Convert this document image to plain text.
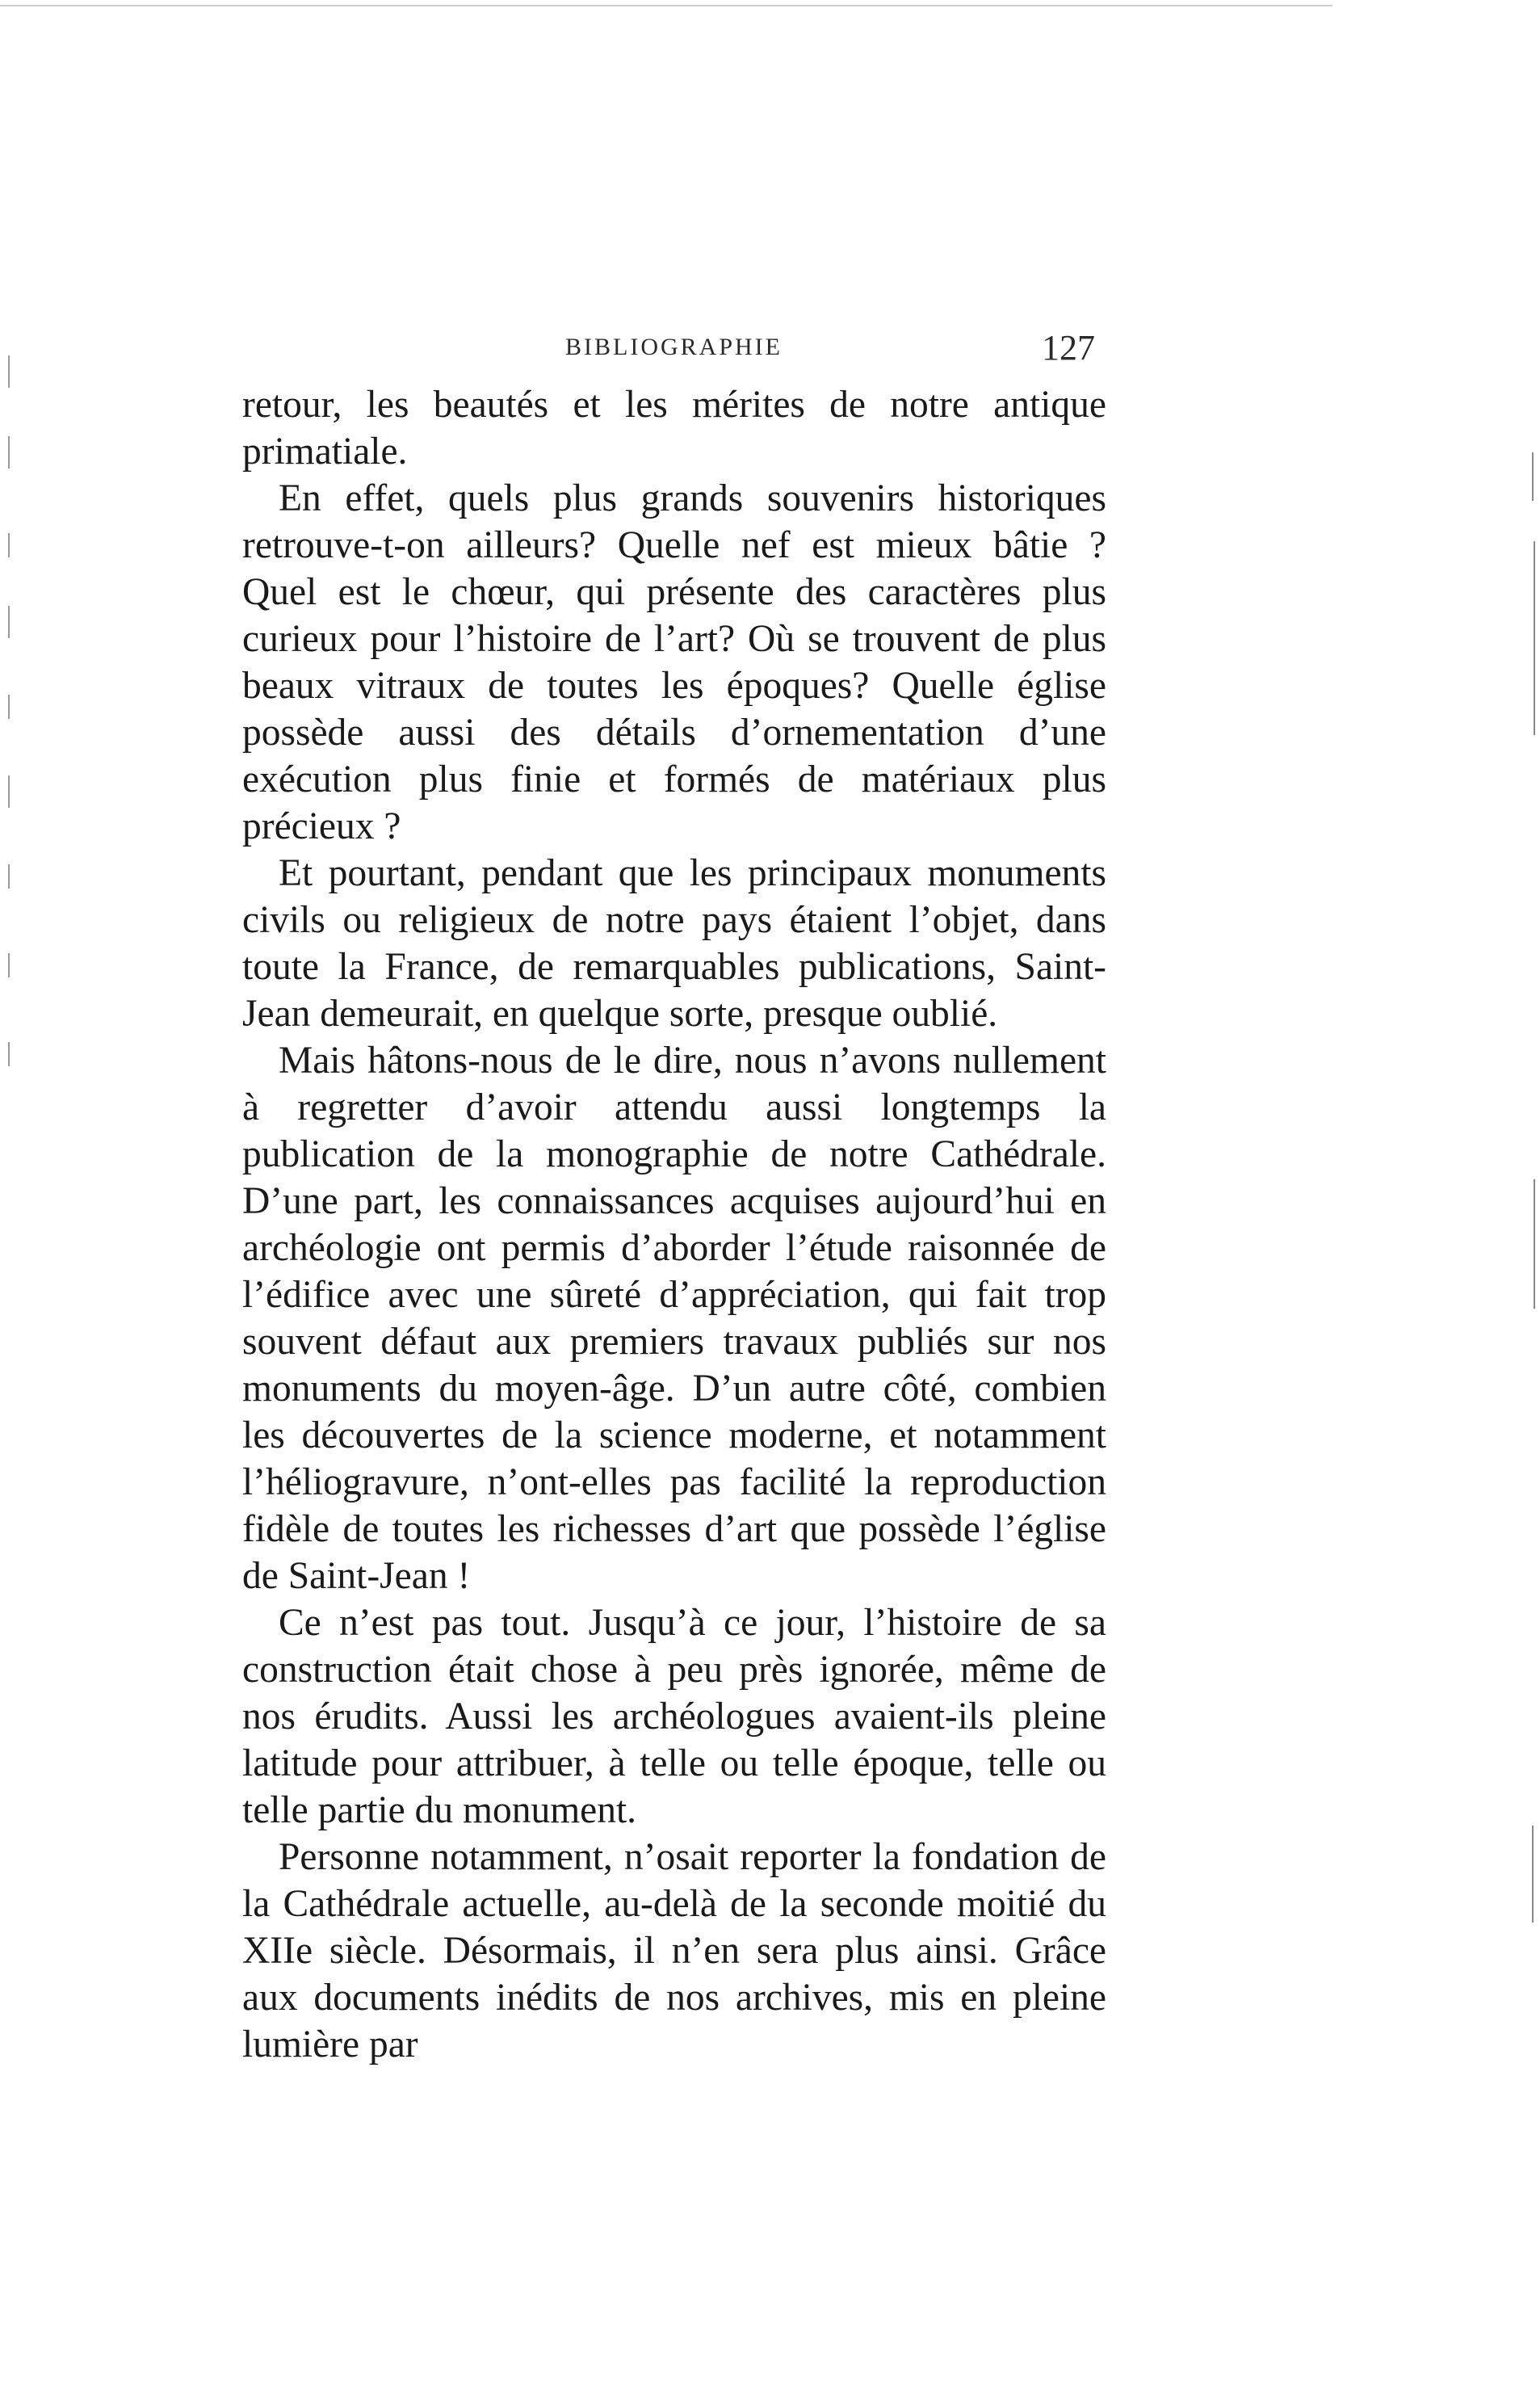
BIBLIOGRAPHIE	127

retour, les beautés et les mérites de notre antique primatiale.

En effet, quels plus grands souvenirs historiques retrouve-t-on ailleurs? Quelle nef est mieux bâtie ? Quel est le chœur, qui présente des caractères plus curieux pour l’histoire de l’art? Où se trouvent de plus beaux vitraux de toutes les époques? Quelle église possède aussi des détails d’ornementation d’une exécution plus finie et formés de matériaux plus précieux ?

Et pourtant, pendant que les principaux monuments civils ou religieux de notre pays étaient l’objet, dans toute la France, de remarquables publications, Saint-Jean demeurait, en quelque sorte, presque oublié.

Mais hâtons-nous de le dire, nous n’avons nullement à regretter d’avoir attendu aussi longtemps la publication de la monographie de notre Cathédrale. D’une part, les connaissances acquises aujourd’hui en archéologie ont permis d’aborder l’étude raisonnée de l’édifice avec une sûreté d’appréciation, qui fait trop souvent défaut aux premiers travaux publiés sur nos monuments du moyen-âge. D’un autre côté, combien les découvertes de la science moderne, et notamment l’héliogravure, n’ont-elles pas facilité la reproduction fidèle de toutes les richesses d’art que possède l’église de Saint-Jean !

Ce n’est pas tout. Jusqu’à ce jour, l’histoire de sa construction était chose à peu près ignorée, même de nos érudits. Aussi les archéologues avaient-ils pleine latitude pour attribuer, à telle ou telle époque, telle ou telle partie du monument.

Personne notamment, n’osait reporter la fondation de la Cathédrale actuelle, au-delà de la seconde moitié du XIIe siècle. Désormais, il n’en sera plus ainsi. Grâce aux documents inédits de nos archives, mis en pleine lumière par
